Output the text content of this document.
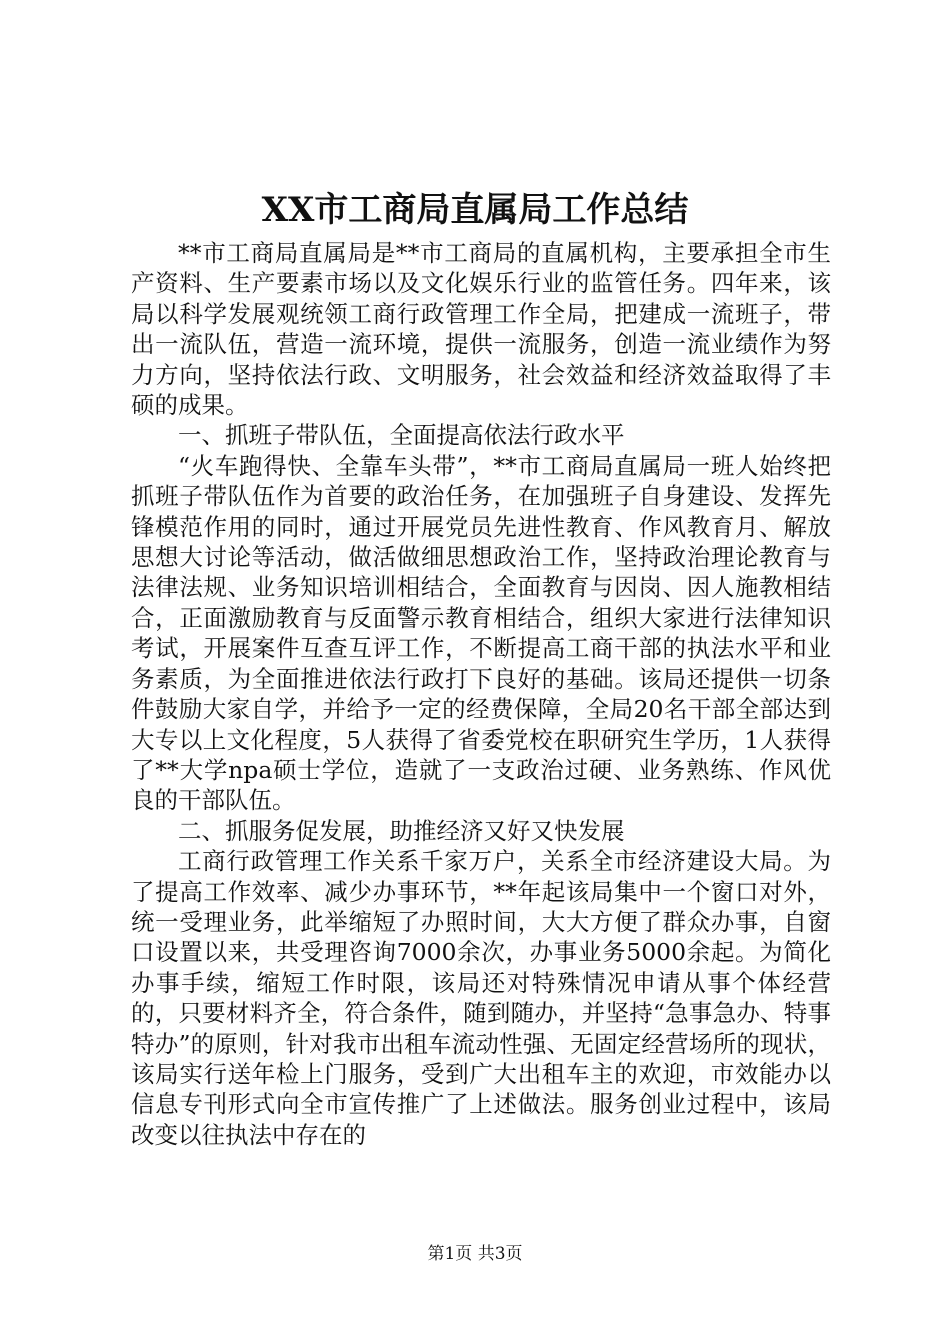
XX市工商局直属局工作总结

**市工商局直属局是**市工商局的直属机构，主要承担全市生产资料、生产要素市场以及文化娱乐行业的监管任务。四年来，该局以科学发展观统领工商行政管理工作全局，把建成一流班子，带出一流队伍，营造一流环境，提供一流服务，创造一流业绩作为努力方向，坚持依法行政、文明服务，社会效益和经济效益取得了丰硕的成果。

一、抓班子带队伍，全面提高依法行政水平

“火车跑得快、全靠车头带”，**市工商局直属局一班人始终把抓班子带队伍作为首要的政治任务，在加强班子自身建设、发挥先锋模范作用的同时，通过开展党员先进性教育、作风教育月、解放思想大讨论等活动，做活做细思想政治工作，坚持政治理论教育与法律法规、业务知识培训相结合，全面教育与因岗、因人施教相结合，正面激励教育与反面警示教育相结合，组织大家进行法律知识考试，开展案件互查互评工作，不断提高工商干部的执法水平和业务素质，为全面推进依法行政打下良好的基础。该局还提供一切条件鼓励大家自学，并给予一定的经费保障，全局20名干部全部达到大专以上文化程度，5人获得了省委党校在职研究生学历，1人获得了**大学npa硕士学位，造就了一支政治过硬、业务熟练、作风优良的干部队伍。

二、抓服务促发展，助推经济又好又快发展

工商行政管理工作关系千家万户，关系全市经济建设大局。为了提高工作效率、减少办事环节，**年起该局集中一个窗口对外，统一受理业务，此举缩短了办照时间，大大方便了群众办事，自窗口设置以来，共受理咨询7000余次，办事业务5000余起。为简化办事手续，缩短工作时限，该局还对特殊情况申请从事个体经营的，只要材料齐全，符合条件，随到随办，并坚持“急事急办、特事特办”的原则，针对我市出租车流动性强、无固定经营场所的现状，该局实行送年检上门服务，受到广大出租车主的欢迎，市效能办以信息专刊形式向全市宣传推广了上述做法。服务创业过程中，该局改变以往执法中存在的

第1页 共3页
